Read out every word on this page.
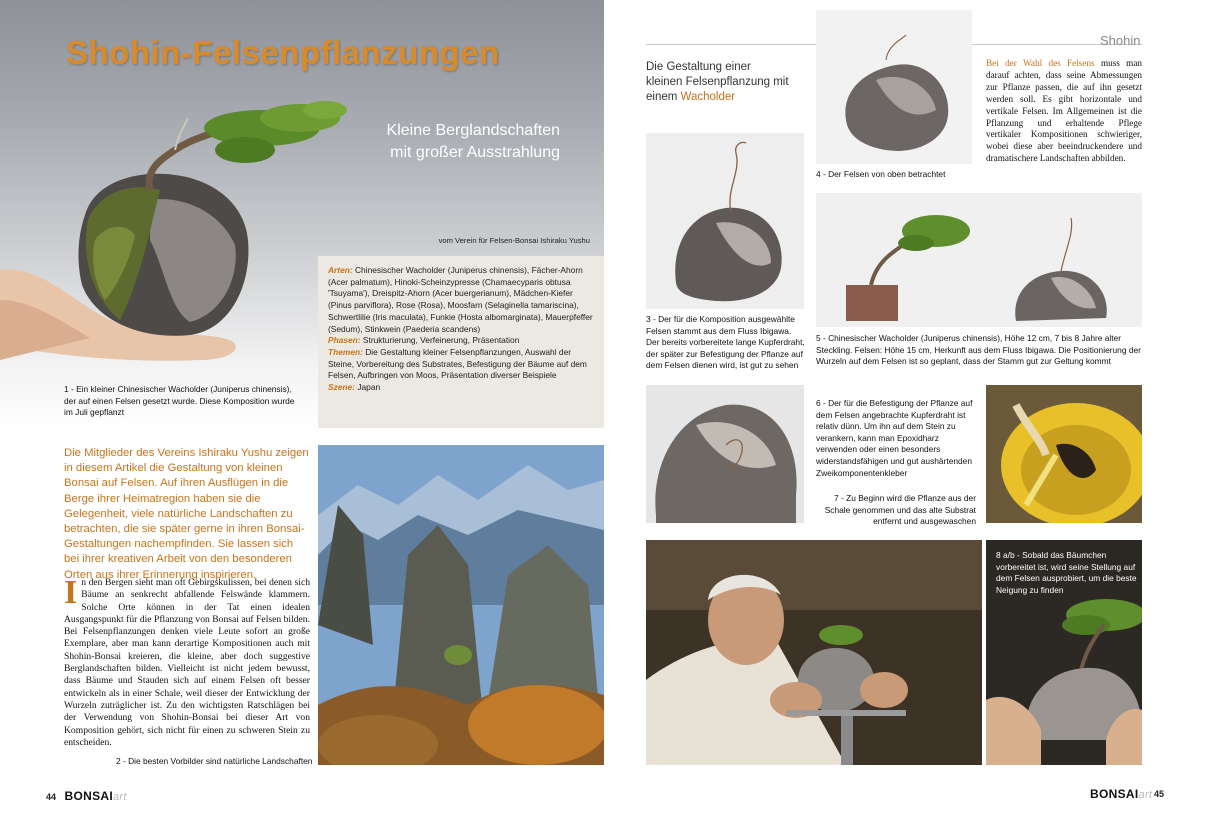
Shohin-Felsenpflanzungen
Kleine Berglandschaften
mit großer Ausstrahlung
vom Verein für Felsen-Bonsai Ishiraku Yushu
Arten: Chinesischer Wacholder (Juniperus chinensis), Fächer-Ahorn (Acer palmatum), Hinoki-Scheinzypresse (Chamaecyparis obtusa 'Tsuyama'), Dreispitz-Ahorn (Acer buergerianum), Mädchen-Kiefer (Pinus parviflora), Rose (Rosa), Moosfarn (Selaginella tamariscina), Schwertlilie (Iris maculata), Funkie (Hosta albomarginata), Mauerpfeffer (Sedum), Stinkwein (Paederia scandens)
Phasen: Strukturierung, Verfeinerung, Präsentation
Themen: Die Gestaltung kleiner Felsenpflanzungen, Auswahl der Steine, Vorbereitung des Substrates, Befestigung der Bäume auf dem Felsen, Aufbringen von Moos, Präsentation diverser Beispiele
Szene: Japan
1 - Ein kleiner Chinesischer Wacholder (Juniperus chinensis), der auf einen Felsen gesetzt wurde. Diese Komposition wurde im Juli gepflanzt
Die Mitglieder des Vereins Ishiraku Yushu zeigen in diesem Artikel die Gestaltung von kleinen Bonsai auf Felsen. Auf ihren Ausflügen in die Berge ihrer Heimatregion haben sie die Gelegenheit, viele natürliche Landschaften zu betrachten, die sie später gerne in ihren Bonsai-Gestaltungen nachempfinden. Sie lassen sich bei ihrer kreativen Arbeit von den besonderen Orten aus ihrer Erinnerung inspirieren.
I n den Bergen sieht man oft Gebirgskulissen, bei denen sich Bäume an senkrecht abfallende Felswände klammern. Solche Orte können in der Tat einen idealen Ausgangspunkt für die Pflanzung von Bonsai auf Felsen bilden. Bei Felsenpflanzungen denken viele Leute sofort an große Exemplare, aber man kann derartige Kompositionen auch mit Shohin-Bonsai kreieren, die kleine, aber doch suggestive Berglandschaften bilden. Vielleicht ist nicht jedem bewusst, dass Bäume und Stauden sich auf einem Felsen oft besser entwickeln als in einer Schale, weil dieser der Entwicklung der Wurzeln zuträglicher ist. Zu den wichtigsten Ratschlägen bei der Verwendung von Shohin-Bonsai bei dieser Art von Komposition gehört, sich nicht für einen zu schweren Stein zu entscheiden.
2 - Die besten Vorbilder sind natürliche Landschaften
44 BONSAIart
Shohin
Die Gestaltung einer
kleinen Felsenpflanzung mit
einem Wacholder
4 - Der Felsen von oben betrachtet
Bei der Wahl des Felsens muss man darauf achten, dass seine Abmessungen zur Pflanze passen, die auf ihn gesetzt werden soll. Es gibt horizontale und vertikale Felsen. Im Allgemeinen ist die Pflanzung und erhaltende Pflege vertikaler Kompositionen schwieriger, wobei diese aber beeindruckendere und dramatischere Landschaften abbilden.
3 - Der für die Komposition ausgewählte Felsen stammt aus dem Fluss Ibigawa. Der bereits vorbereitete lange Kupferdraht, der später zur Befestigung der Pflanze auf dem Felsen dienen wird, ist gut zu sehen
5 - Chinesischer Wacholder (Juniperus chinensis), Höhe 12 cm, 7 bis 8 Jahre alter Steckling. Felsen: Höhe 15 cm, Herkunft aus dem Fluss Ibigawa. Die Positionierung der Wurzeln auf dem Felsen ist so geplant, dass der Stamm gut zur Geltung kommt
6 - Der für die Befestigung der Pflanze auf dem Felsen angebrachte Kupferdraht ist relativ dünn. Um ihn auf dem Stein zu verankern, kann man Epoxidharz verwenden oder einen besonders widerstandsfähigen und gut aushärtenden Zweikomponentenkleber
7 - Zu Beginn wird die Pflanze aus der Schale genommen und das alte Substrat entfernt und ausgewaschen
8 a/b - Sobald das Bäumchen vorbereitet ist, wird seine Stellung auf dem Felsen ausprobiert, um die beste Neigung zu finden
45
BONSAIart
